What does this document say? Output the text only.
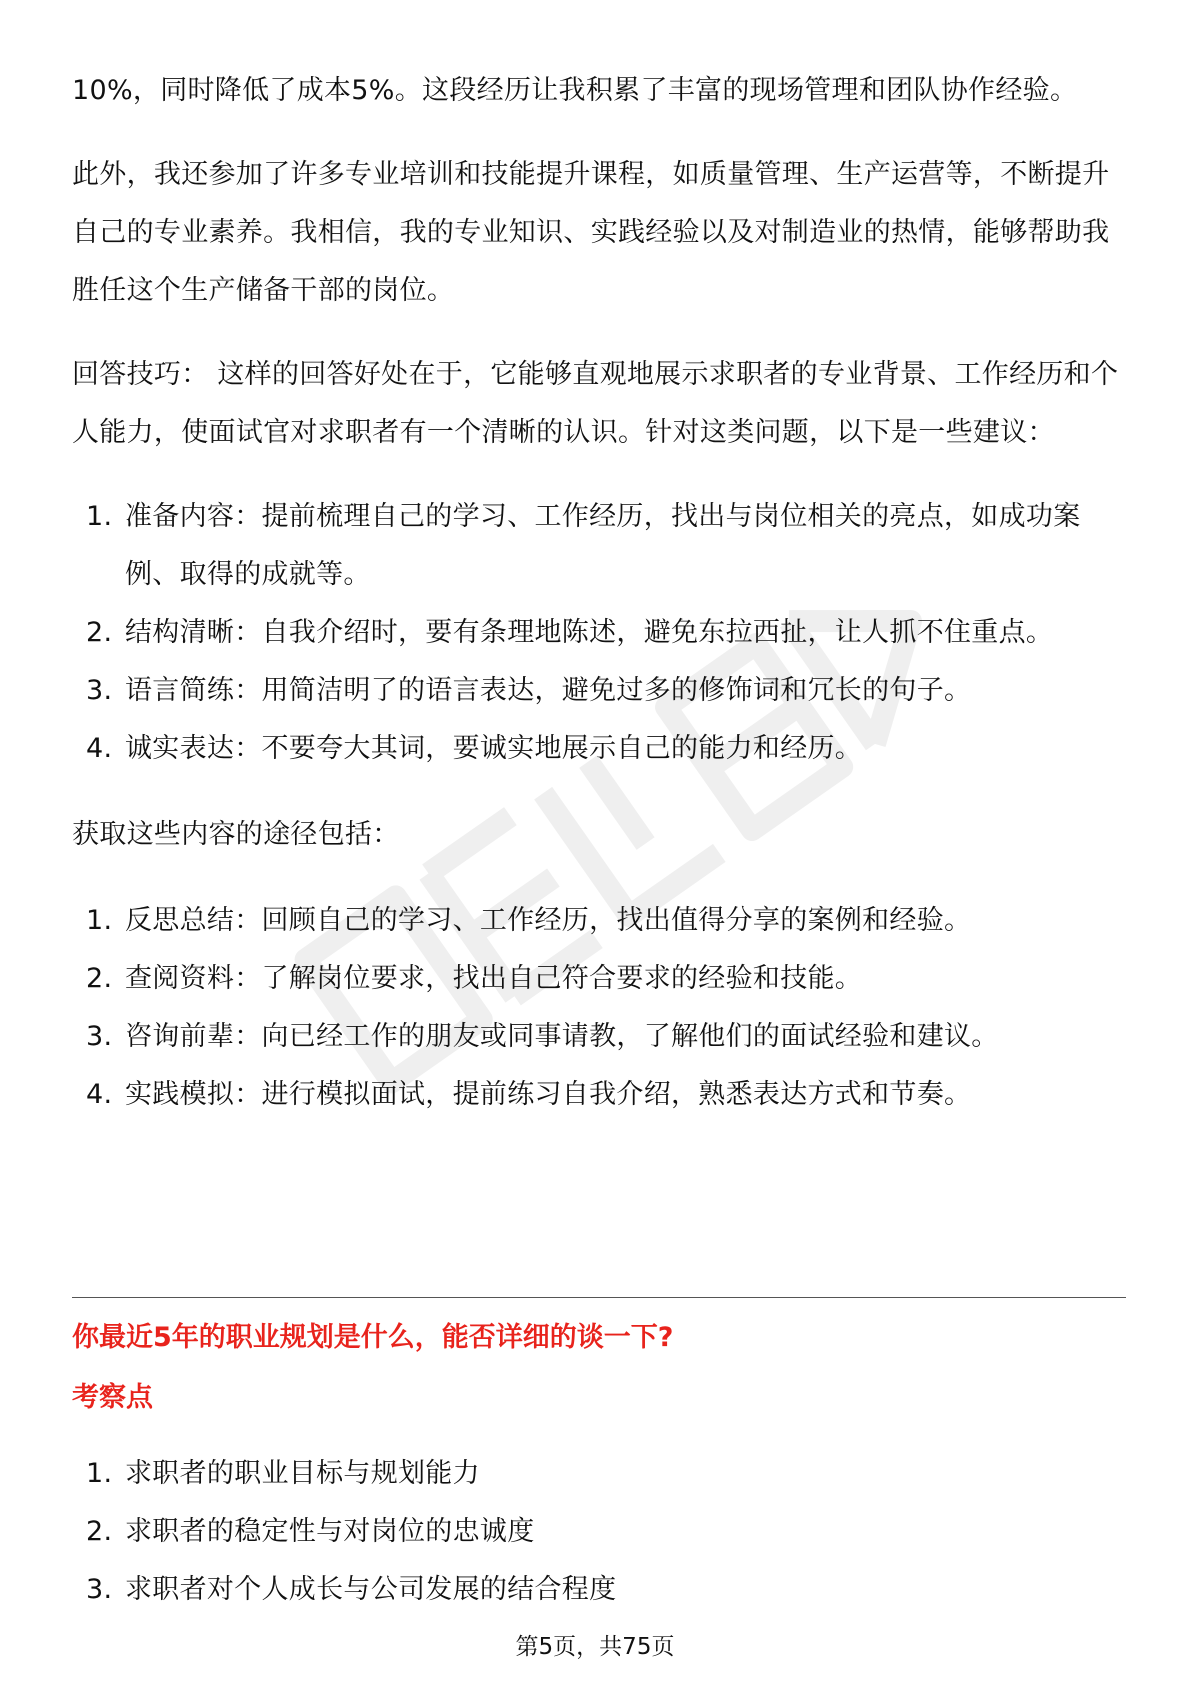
10%，同时降低了成本5%。这段经历让我积累了丰富的现场管理和团队协作经验。

此外，我还参加了许多专业培训和技能提升课程，如质量管理、生产运营等，不断提升自己的专业素养。我相信，我的专业知识、实践经验以及对制造业的热情，能够帮助我胜任这个生产储备干部的岗位。

回答技巧： 这样的回答好处在于，它能够直观地展示求职者的专业背景、工作经历和个人能力，使面试官对求职者有一个清晰的认识。针对这类问题，以下是一些建议：

1. 准备内容：提前梳理自己的学习、工作经历，找出与岗位相关的亮点，如成功案例、取得的成就等。
2. 结构清晰：自我介绍时，要有条理地陈述，避免东拉西扯，让人抓不住重点。
3. 语言简练：用简洁明了的语言表达，避免过多的修饰词和冗长的句子。
4. 诚实表达：不要夸大其词，要诚实地展示自己的能力和经历。

获取这些内容的途径包括：

1. 反思总结：回顾自己的学习、工作经历，找出值得分享的案例和经验。
2. 查阅资料：了解岗位要求，找出自己符合要求的经验和技能。
3. 咨询前辈：向已经工作的朋友或同事请教，了解他们的面试经验和建议。
4. 实践模拟：进行模拟面试，提前练习自我介绍，熟悉表达方式和节奏。
你最近5年的职业规划是什么，能否详细的谈一下?
考察点
1. 求职者的职业目标与规划能力
2. 求职者的稳定性与对岗位的忠诚度
3. 求职者对个人成长与公司发展的结合程度
第5页，共75页
